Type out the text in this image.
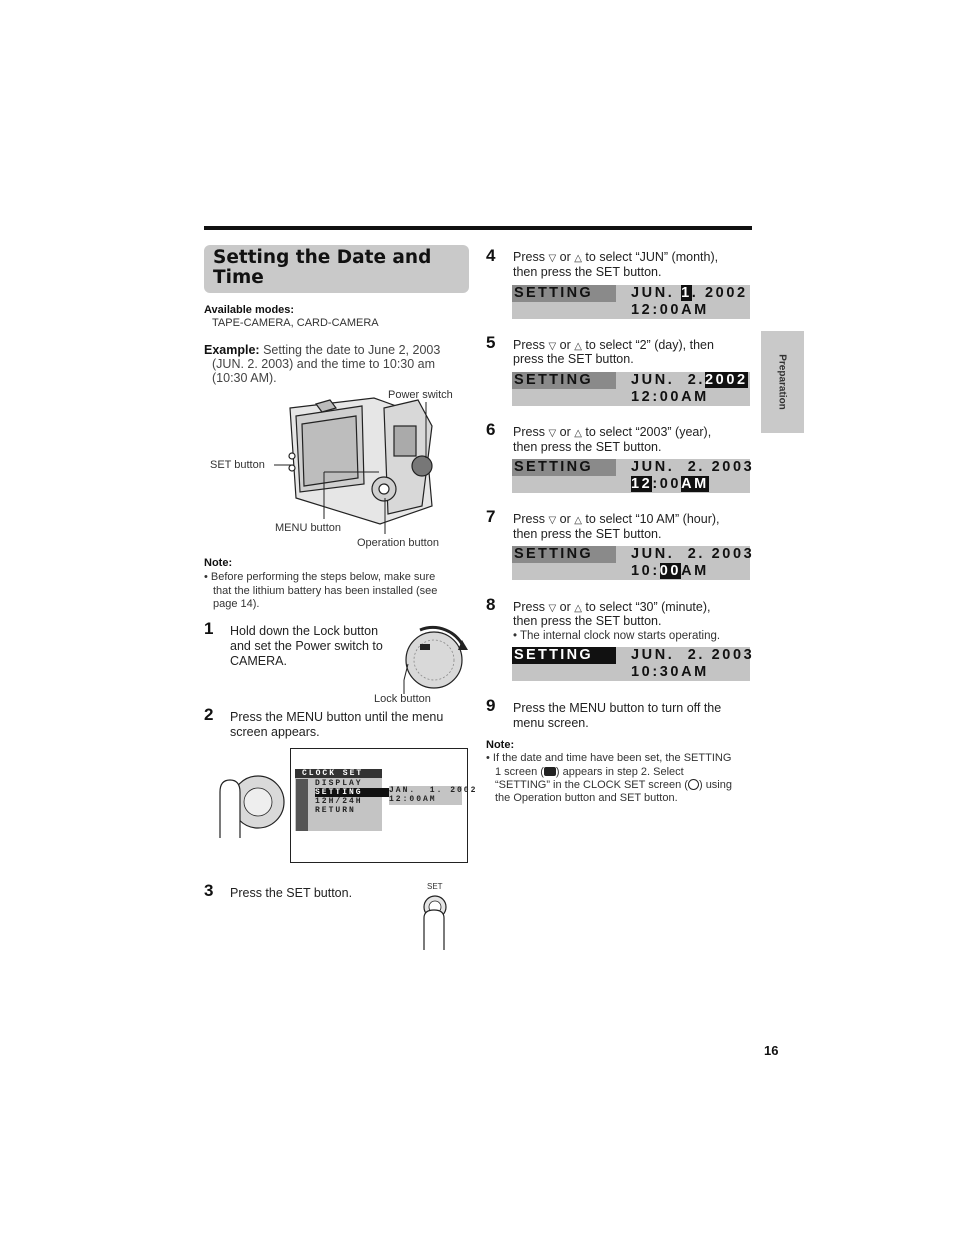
Preparation
Setting the Date and Time
Available modes:
TAPE-CAMERA, CARD-CAMERA
Example: Setting the date to June 2, 2003
(JUN. 2. 2003) and the time to 10:30 am
(10:30 AM).
Power switch
SET button
MENU button
Operation button
Note:
• Before performing the steps below, make sure
that the lithium battery has been installed (see
page 14).
1 Hold down the Lock button
and set the Power switch to
CAMERA.
Lock button
2 Press the MENU button until the menu
screen appears.
CLOCK SET
DISPLAY
SETTING
12H/24H
RETURN
JAN.  1. 2002
12:00AM
3 Press the SET button.	SET
4 Press ▽ or △ to select “JUN” (month),
then press the SET button.
SETTING	JUN. 1. 2002
12:00AM
5 Press ▽ or △ to select “2” (day), then
press the SET button.
SETTING	JUN.  2.2002
12:00AM
6 Press ▽ or △ to select “2003” (year),
then press the SET button.
SETTING	JUN.  2. 2003
12:00AM
7 Press ▽ or △ to select “10 AM” (hour),
then press the SET button.
SETTING	JUN.  2. 2003
10:00AM
8 Press ▽ or △ to select “30” (minute),
then press the SET button.
• The internal clock now starts operating.
SETTING	JUN.  2. 2003
10:30AM
9 Press the MENU button to turn off the
menu screen.
Note:
• If the date and time have been set, the SETTING
1 screen ( ) appears in step 2. Select
“SETTING” in the CLOCK SET screen ( ) using
the Operation button and SET button.
16
